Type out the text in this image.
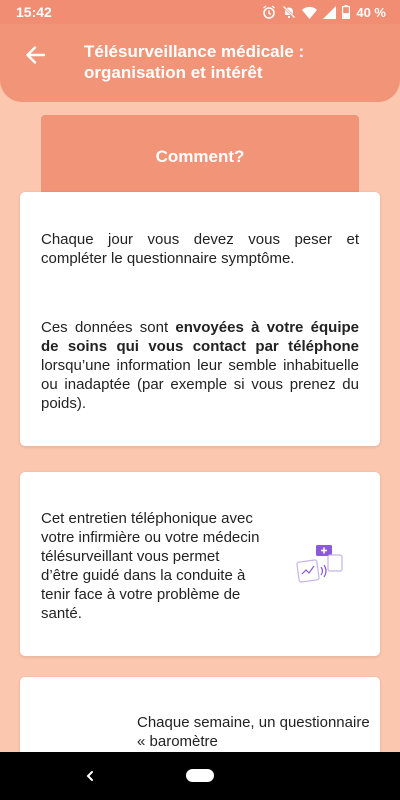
15:42	40 %
Télésurveillance médicale : organisation et intérêt
Comment?
Chaque jour vous devez vous peser et compléter le questionnaire symptôme.
Ces données sont envoyées à votre équipe de soins qui vous contact par téléphone lorsqu’une information leur semble inhabituelle ou inadaptée (par exemple si vous prenez du poids).
Cet entretien téléphonique avec votre infirmière ou votre médecin télésurveillant vous permet d’être guidé dans la conduite à tenir face à votre problème de santé.
Chaque semaine, un questionnaire « baromètre
